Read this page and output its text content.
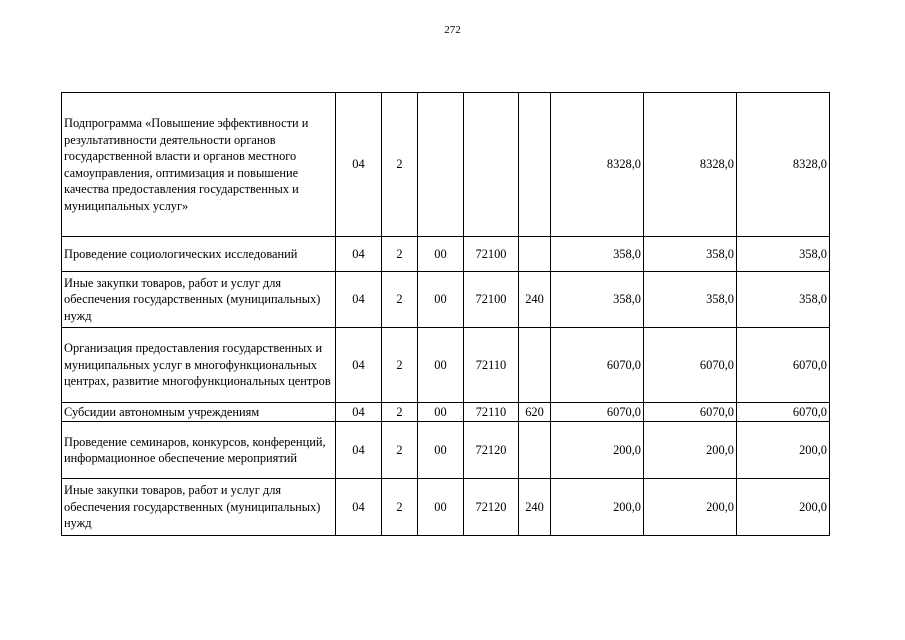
272
Подпрограмма «Повышение эффективности и результативности деятельности органов государственной власти и органов местного самоуправления, оптимизация и повышение качества предоставления государственных и муниципальных услуг»	04	2				8328,0	8328,0	8328,0
Проведение социологических исследований	04	2	00	72100		358,0	358,0	358,0
Иные закупки товаров, работ и услуг для обеспечения государственных (муниципальных) нужд	04	2	00	72100	240	358,0	358,0	358,0
Организация предоставления государственных и муниципальных услуг в многофункциональных центрах, развитие многофункциональных центров	04	2	00	72110		6070,0	6070,0	6070,0
Субсидии автономным учреждениям	04	2	00	72110	620	6070,0	6070,0	6070,0
Проведение семинаров, конкурсов, конференций, информационное обеспечение мероприятий	04	2	00	72120		200,0	200,0	200,0
Иные закупки товаров, работ и услуг для обеспечения государственных (муниципальных) нужд	04	2	00	72120	240	200,0	200,0	200,0
